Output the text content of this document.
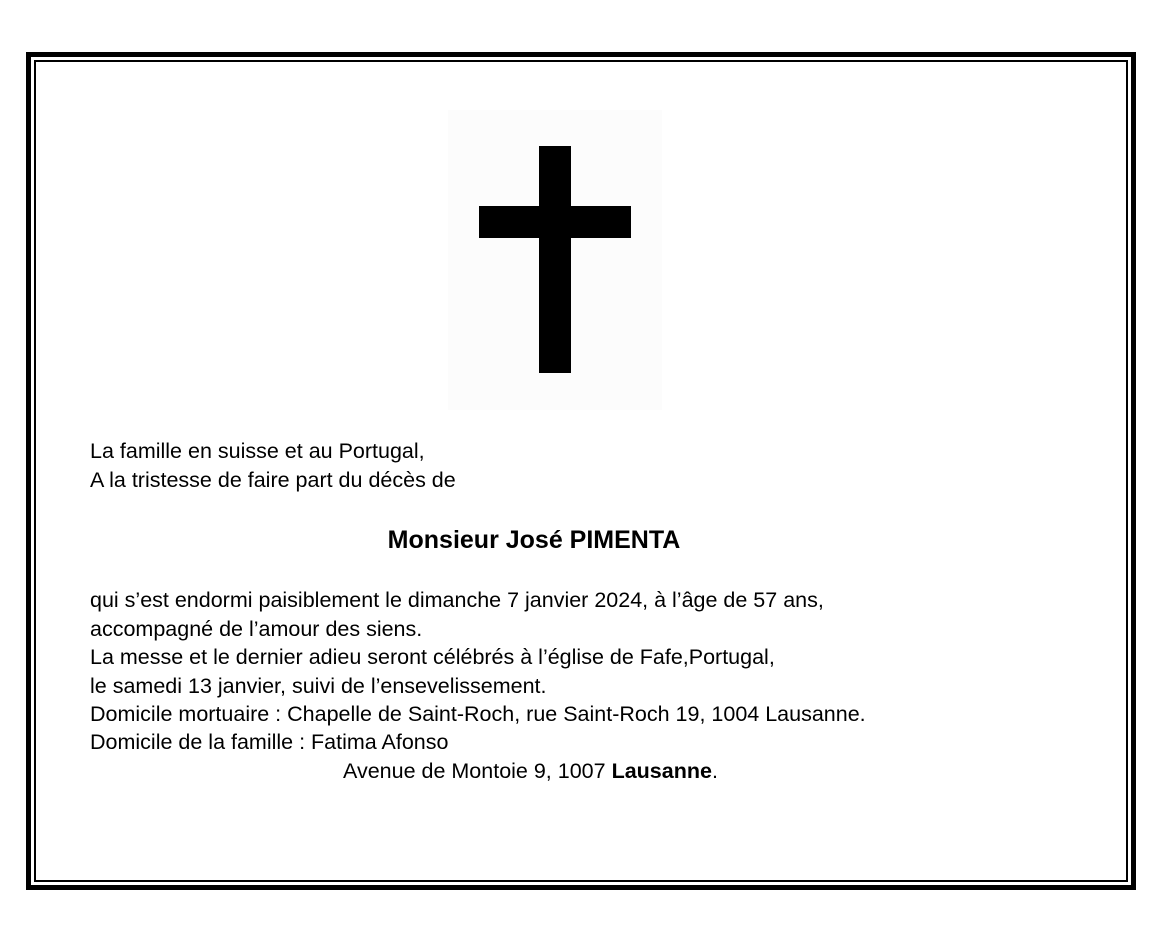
La famille en suisse et au Portugal,
A la tristesse de faire part du décès de
Monsieur José PIMENTA
qui s’est endormi paisiblement le dimanche 7 janvier 2024, à l’âge de 57 ans,
accompagné de l’amour des siens.
La messe et le dernier adieu seront célébrés à l’église de Fafe,Portugal,
le samedi 13 janvier, suivi de l’ensevelissement.
Domicile mortuaire : Chapelle de Saint-Roch, rue Saint-Roch 19, 1004 Lausanne.
Domicile de la famille : Fatima Afonso
Avenue de Montoie 9, 1007 Lausanne.
